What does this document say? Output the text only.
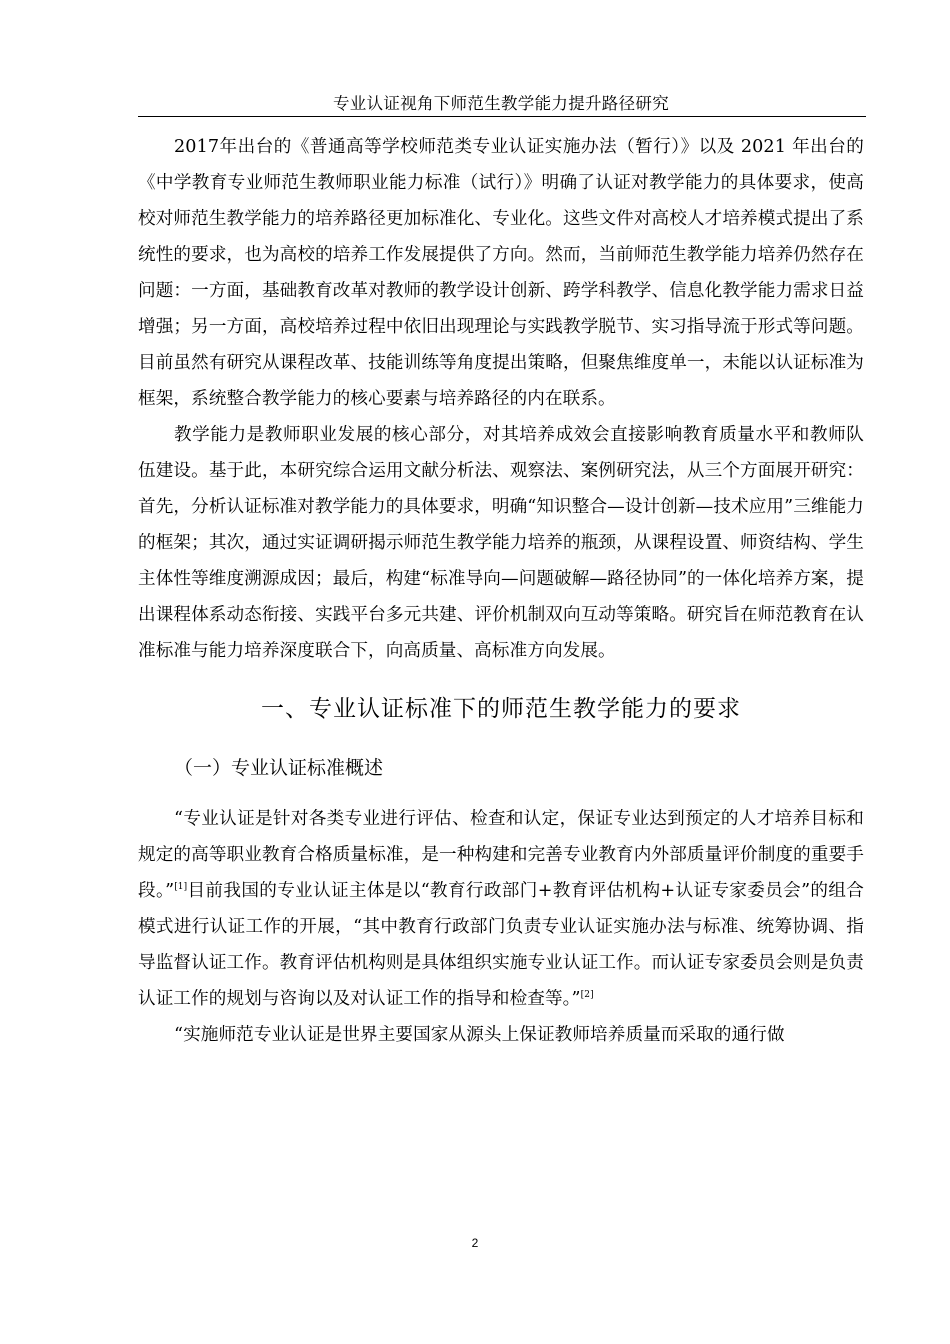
专业认证视角下师范生教学能力提升路径研究

2017年出台的《普通高等学校师范类专业认证实施办法（暂行）》以及 2021 年出台的《中学教育专业师范生教师职业能力标准（试行）》明确了认证对教学能力的具体要求，使高校对师范生教学能力的培养路径更加标准化、专业化。这些文件对高校人才培养模式提出了系统性的要求，也为高校的培养工作发展提供了方向。然而，当前师范生教学能力培养仍然存在问题：一方面，基础教育改革对教师的教学设计创新、跨学科教学、信息化教学能力需求日益增强；另一方面，高校培养过程中依旧出现理论与实践教学脱节、实习指导流于形式等问题。目前虽然有研究从课程改革、技能训练等角度提出策略，但聚焦维度单一，未能以认证标准为框架，系统整合教学能力的核心要素与培养路径的内在联系。

教学能力是教师职业发展的核心部分，对其培养成效会直接影响教育质量水平和教师队伍建设。基于此，本研究综合运用文献分析法、观察法、案例研究法，从三个方面展开研究：首先，分析认证标准对教学能力的具体要求，明确“知识整合—设计创新—技术应用”三维能力的框架；其次，通过实证调研揭示师范生教学能力培养的瓶颈，从课程设置、师资结构、学生主体性等维度溯源成因；最后，构建“标准导向—问题破解—路径协同”的一体化培养方案，提出课程体系动态衔接、实践平台多元共建、评价机制双向互动等策略。研究旨在师范教育在认准标准与能力培养深度联合下，向高质量、高标准方向发展。

一、专业认证标准下的师范生教学能力的要求
（一）专业认证标准概述

“专业认证是针对各类专业进行评估、检查和认定，保证专业达到预定的人才培养目标和规定的高等职业教育合格质量标准，是一种构建和完善专业教育内外部质量评价制度的重要手段。”[1]目前我国的专业认证主体是以“教育行政部门+教育评估机构+认证专家委员会”的组合模式进行认证工作的开展，“其中教育行政部门负责专业认证实施办法与标准、统筹协调、指导监督认证工作。教育评估机构则是具体组织实施专业认证工作。而认证专家委员会则是负责认证工作的规划与咨询以及对认证工作的指导和检查等。”[2]

“实施师范专业认证是世界主要国家从源头上保证教师培养质量而采取的通行做

2
